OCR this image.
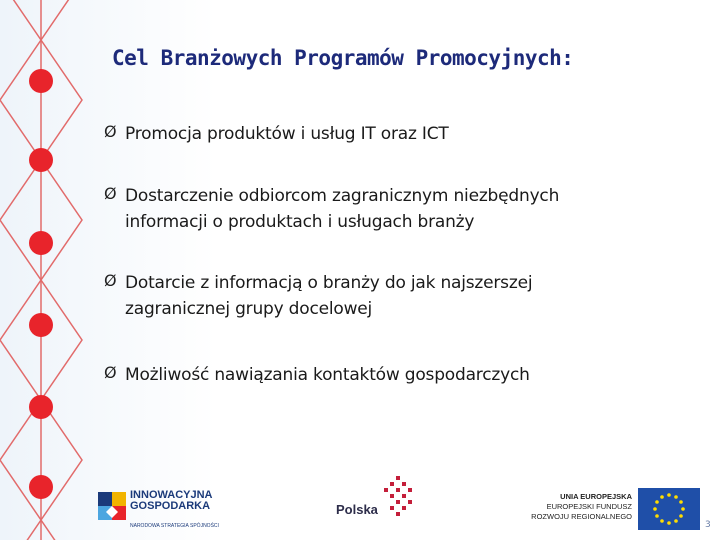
Cel Branżowych Programów Promocyjnych:
Ø Promocja produktów i usług IT oraz ICT
Ø Dostarczenie odbiorcom zagranicznym niezbędnych informacji o produktach i usługach branży
Ø Dotarcie z informacją o branży do jak najszerszej zagranicznej grupy docelowej
Ø Możliwość nawiązania kontaktów gospodarczych
INNOWACYJNA
GOSPODARKA
NARODOWA STRATEGIA SPÓJNOŚCI
Polska
UNIA EUROPEJSKA
EUROPEJSKI FUNDUSZ
ROZWOJU REGIONALNEGO
3
